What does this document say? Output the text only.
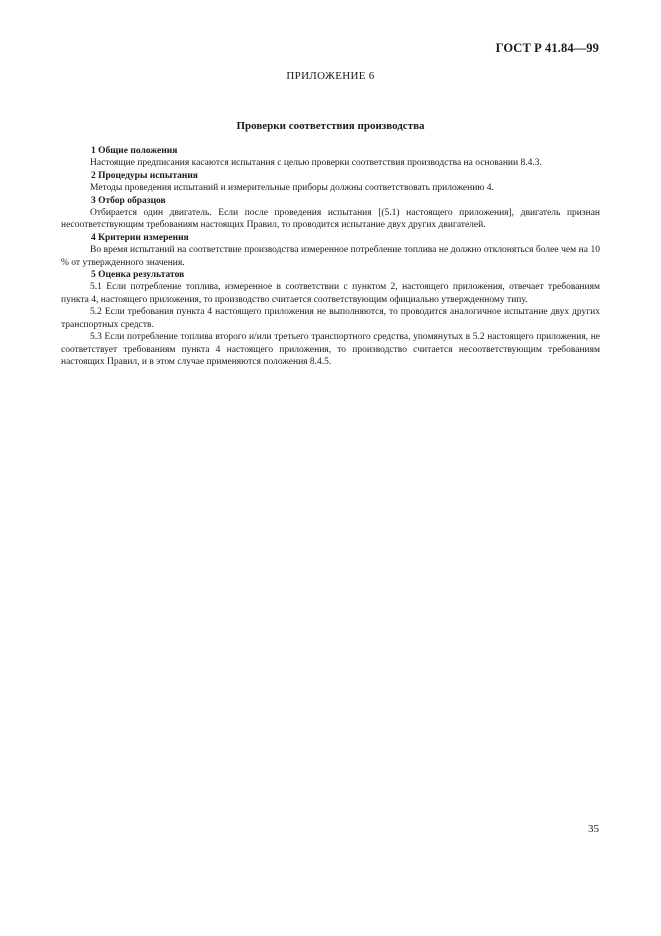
ГОСТ Р 41.84—99
ПРИЛОЖЕНИЕ 6
Проверки соответствия производства

1 Общие положения

Настоящие предписания касаются испытания с целью проверки соответствия производства на основании 8.4.3.

2 Процедуры испытания

Методы проведения испытаний и измерительные приборы должны соответствовать приложению 4.

3 Отбор образцов

Отбирается один двигатель. Если после проведения испытания [(5.1) настоящего приложения], двигатель признан несоответствующим требованиям настоящих Правил, то проводится испытание двух других двигателей.

4 Критерии измерения

Во время испытаний на соответствие производства измеренное потребление топлива не должно отклоняться более чем на 10 % от утвержденного значения.

5 Оценка результатов

5.1 Если потребление топлива, измеренное в соответствии с пунктом 2, настоящего приложения, отвечает требованиям пункта 4, настоящего приложения, то производство считается соответствующим официально утвержденному типу.

5.2 Если требования пункта 4 настоящего приложения не выполняются, то проводится аналогичное испытание двух других транспортных средств.

5.3 Если потребление топлива второго и/или третьего транспортного средства, упомянутых в 5.2 настоящего приложения, не соответствует требованиям пункта 4 настоящего приложения, то производство считается несоответствующим требованиям настоящих Правил, и в этом случае применяются положения 8.4.5.

35
